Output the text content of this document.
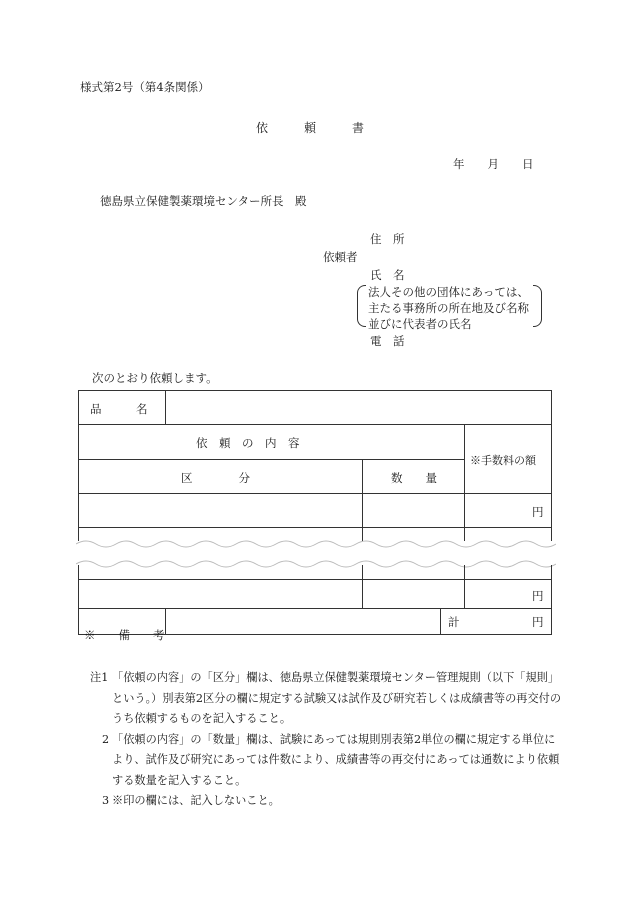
様式第2号（第4条関係）
依　　　頼　　　書
年　　月　　日
徳島県立保健製薬環境センター所長　殿
住　所
依頼者
氏　名
法人その他の団体にあっては、
主たる事務所の所在地及び名称
並びに代表者の氏名
電　話
次のとおり依頼します。
品　　　名
依　頼　の　内　容
※手数料の額
区　　　　分	数　　量
円
円
※　　備　　考
計	円
注1 「依頼の内容」の「区分」欄は、徳島県立保健製薬環境センター管理規則（以下「規則」という。）別表第2区分の欄に規定する試験又は試作及び研究若しくは成績書等の再交付のうち依頼するものを記入すること。
2 「依頼の内容」の「数量」欄は、試験にあっては規則別表第2単位の欄に規定する単位により、試作及び研究にあっては件数により、成績書等の再交付にあっては通数により依頼する数量を記入すること。
3 ※印の欄には、記入しないこと。
